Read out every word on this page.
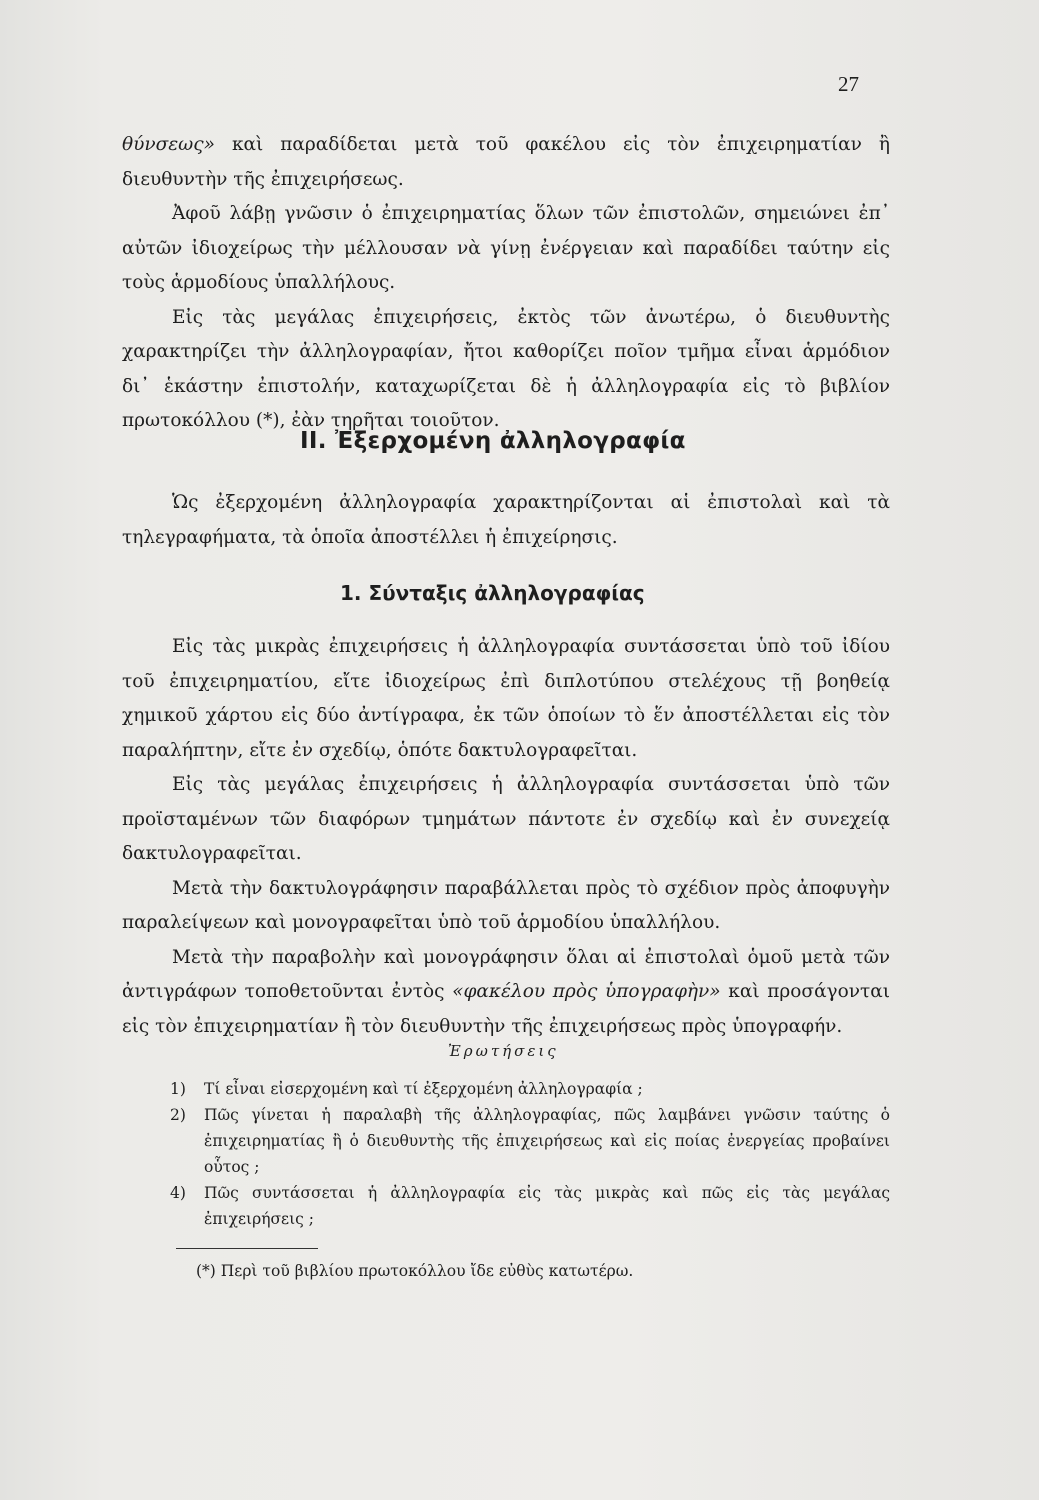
27

θύνσεως» καὶ παραδίδεται μετὰ τοῦ φακέλου εἰς τὸν ἐπιχειρηματίαν ἢ διευθυντὴν τῆς ἐπιχειρήσεως.

Ἀφοῦ λάβῃ γνῶσιν ὁ ἐπιχειρηματίας ὅλων τῶν ἐπιστολῶν, σημειώνει ἐπ᾽ αὐτῶν ἰδιοχείρως τὴν μέλλουσαν νὰ γίνῃ ἐνέργειαν καὶ παραδίδει ταύτην εἰς τοὺς ἁρμοδίους ὑπαλλήλους.

Εἰς τὰς μεγάλας ἐπιχειρήσεις, ἐκτὸς τῶν ἀνωτέρω, ὁ διευθυντὴς χαρακτηρίζει τὴν ἀλληλογραφίαν, ἤτοι καθορίζει ποῖον τμῆμα εἶναι ἁρμόδιον δι᾽ ἑκάστην ἐπιστολήν, καταχωρίζεται δὲ ἡ ἀλληλογραφία εἰς τὸ βιβλίον πρωτοκόλλου (*), ἐὰν τηρῆται τοιοῦτον.

II. Ἐξερχομένη ἀλληλογραφία

Ὡς ἐξερχομένη ἀλληλογραφία χαρακτηρίζονται αἱ ἐπιστολαὶ καὶ τὰ τηλεγραφήματα, τὰ ὁποῖα ἀποστέλλει ἡ ἐπιχείρησις.

1. Σύνταξις ἀλληλογραφίας

Εἰς τὰς μικρὰς ἐπιχειρήσεις ἡ ἀλληλογραφία συντάσσεται ὑπὸ τοῦ ἰδίου τοῦ ἐπιχειρηματίου, εἴτε ἰδιοχείρως ἐπὶ διπλοτύπου στελέχους τῇ βοηθείᾳ χημικοῦ χάρτου εἰς δύο ἀντίγραφα, ἐκ τῶν ὁποίων τὸ ἕν ἀποστέλλεται εἰς τὸν παραλήπτην, εἴτε ἐν σχεδίῳ, ὁπότε δακτυλογραφεῖται.

Εἰς τὰς μεγάλας ἐπιχειρήσεις ἡ ἀλληλογραφία συντάσσεται ὑπὸ τῶν προϊσταμένων τῶν διαφόρων τμημάτων πάντοτε ἐν σχεδίῳ καὶ ἐν συνεχείᾳ δακτυλογραφεῖται.

Μετὰ τὴν δακτυλογράφησιν παραβάλλεται πρὸς τὸ σχέδιον πρὸς ἀποφυγὴν παραλείψεων καὶ μονογραφεῖται ὑπὸ τοῦ ἁρμοδίου ὑπαλλήλου.

Μετὰ τὴν παραβολὴν καὶ μονογράφησιν ὅλαι αἱ ἐπιστολαὶ ὁμοῦ μετὰ τῶν ἀντιγράφων τοποθετοῦνται ἐντὸς «φακέλου πρὸς ὑπογραφὴν» καὶ προσάγονται εἰς τὸν ἐπιχειρηματίαν ἢ τὸν διευθυντὴν τῆς ἐπιχειρήσεως πρὸς ὑπογραφήν.

Ἐρωτήσεις

1)	Τί εἶναι εἰσερχομένη καὶ τί ἐξερχομένη ἀλληλογραφία ;
2)	Πῶς γίνεται ἡ παραλαβὴ τῆς ἀλληλογραφίας, πῶς λαμβάνει γνῶσιν ταύτης ὁ ἐπιχειρηματίας ἢ ὁ διευθυντὴς τῆς ἐπιχειρήσεως καὶ εἰς ποίας ἐνεργείας προβαίνει οὗτος ;
4)	Πῶς συντάσσεται ἡ ἀλληλογραφία εἰς τὰς μικρὰς καὶ πῶς εἰς τὰς μεγάλας ἐπιχειρήσεις ;

(*) Περὶ τοῦ βιβλίου πρωτοκόλλου ἴδε εὐθὺς κατωτέρω.
